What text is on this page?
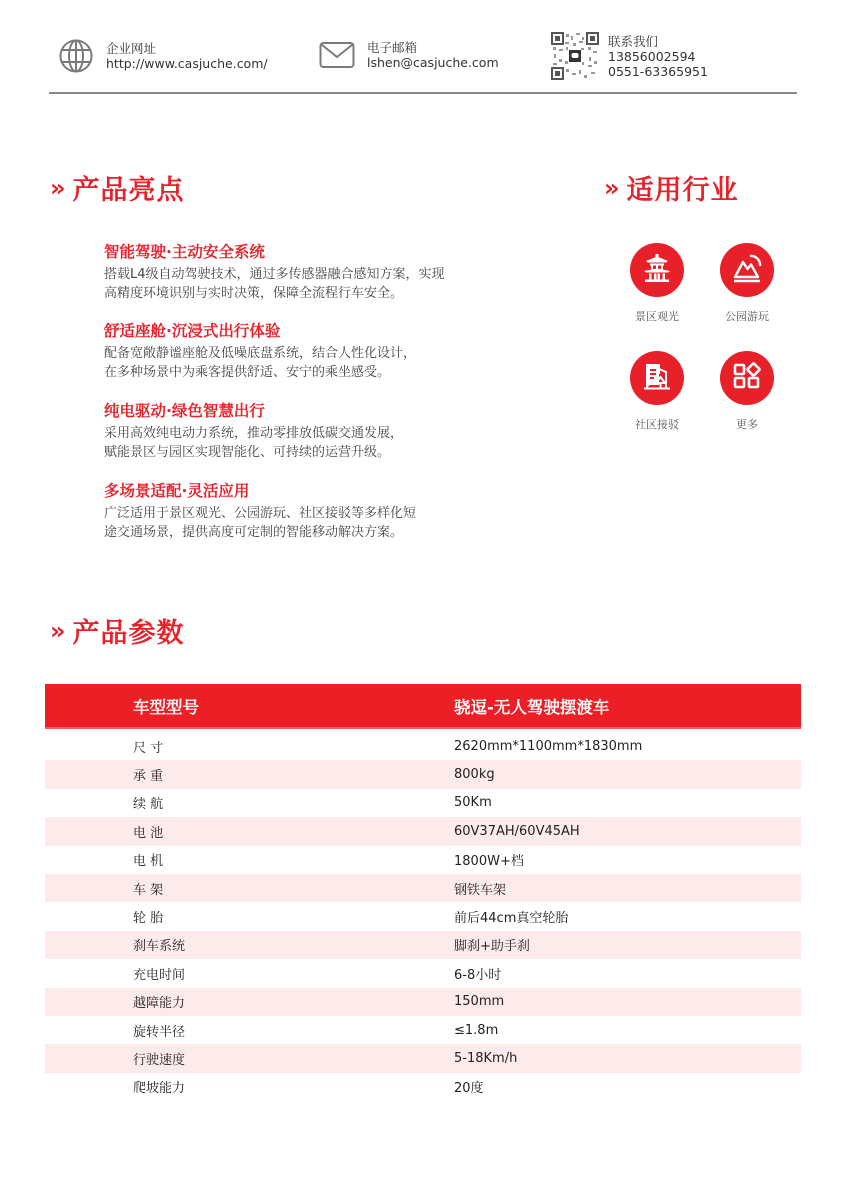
企业网址
http://www.casjuche.com/
电子邮箱
lshen@casjuche.com
联系我们
13856002594
0551-63365951
» 产品亮点
智能驾驶·主动安全系统
搭载L4级自动驾驶技术，通过多传感器融合感知方案，实现
高精度环境识别与实时决策，保障全流程行车安全。
舒适座舱·沉浸式出行体验
配备宽敞静谧座舱及低噪底盘系统，结合人性化设计，
在多种场景中为乘客提供舒适、安宁的乘坐感受。
纯电驱动·绿色智慧出行
采用高效纯电动力系统，推动零排放低碳交通发展，
赋能景区与园区实现智能化、可持续的运营升级。
多场景适配·灵活应用
广泛适用于景区观光、公园游玩、社区接驳等多样化短
途交通场景，提供高度可定制的智能移动解决方案。
» 适用行业
景区观光	公园游玩
社区接驳	更多
» 产品参数
车型型号	骁逗-无人驾驶摆渡车
尺 寸	2620mm*1100mm*1830mm
承 重	800kg
续 航	50Km
电 池	60V37AH/60V45AH
电 机	1800W+档
车 架	钢铁车架
轮 胎	前后44cm真空轮胎
刹车系统	脚刹+助手刹
充电时间	6-8小时
越障能力	150mm
旋转半径	≤1.8m
行驶速度	5-18Km/h
爬坡能力	20度
